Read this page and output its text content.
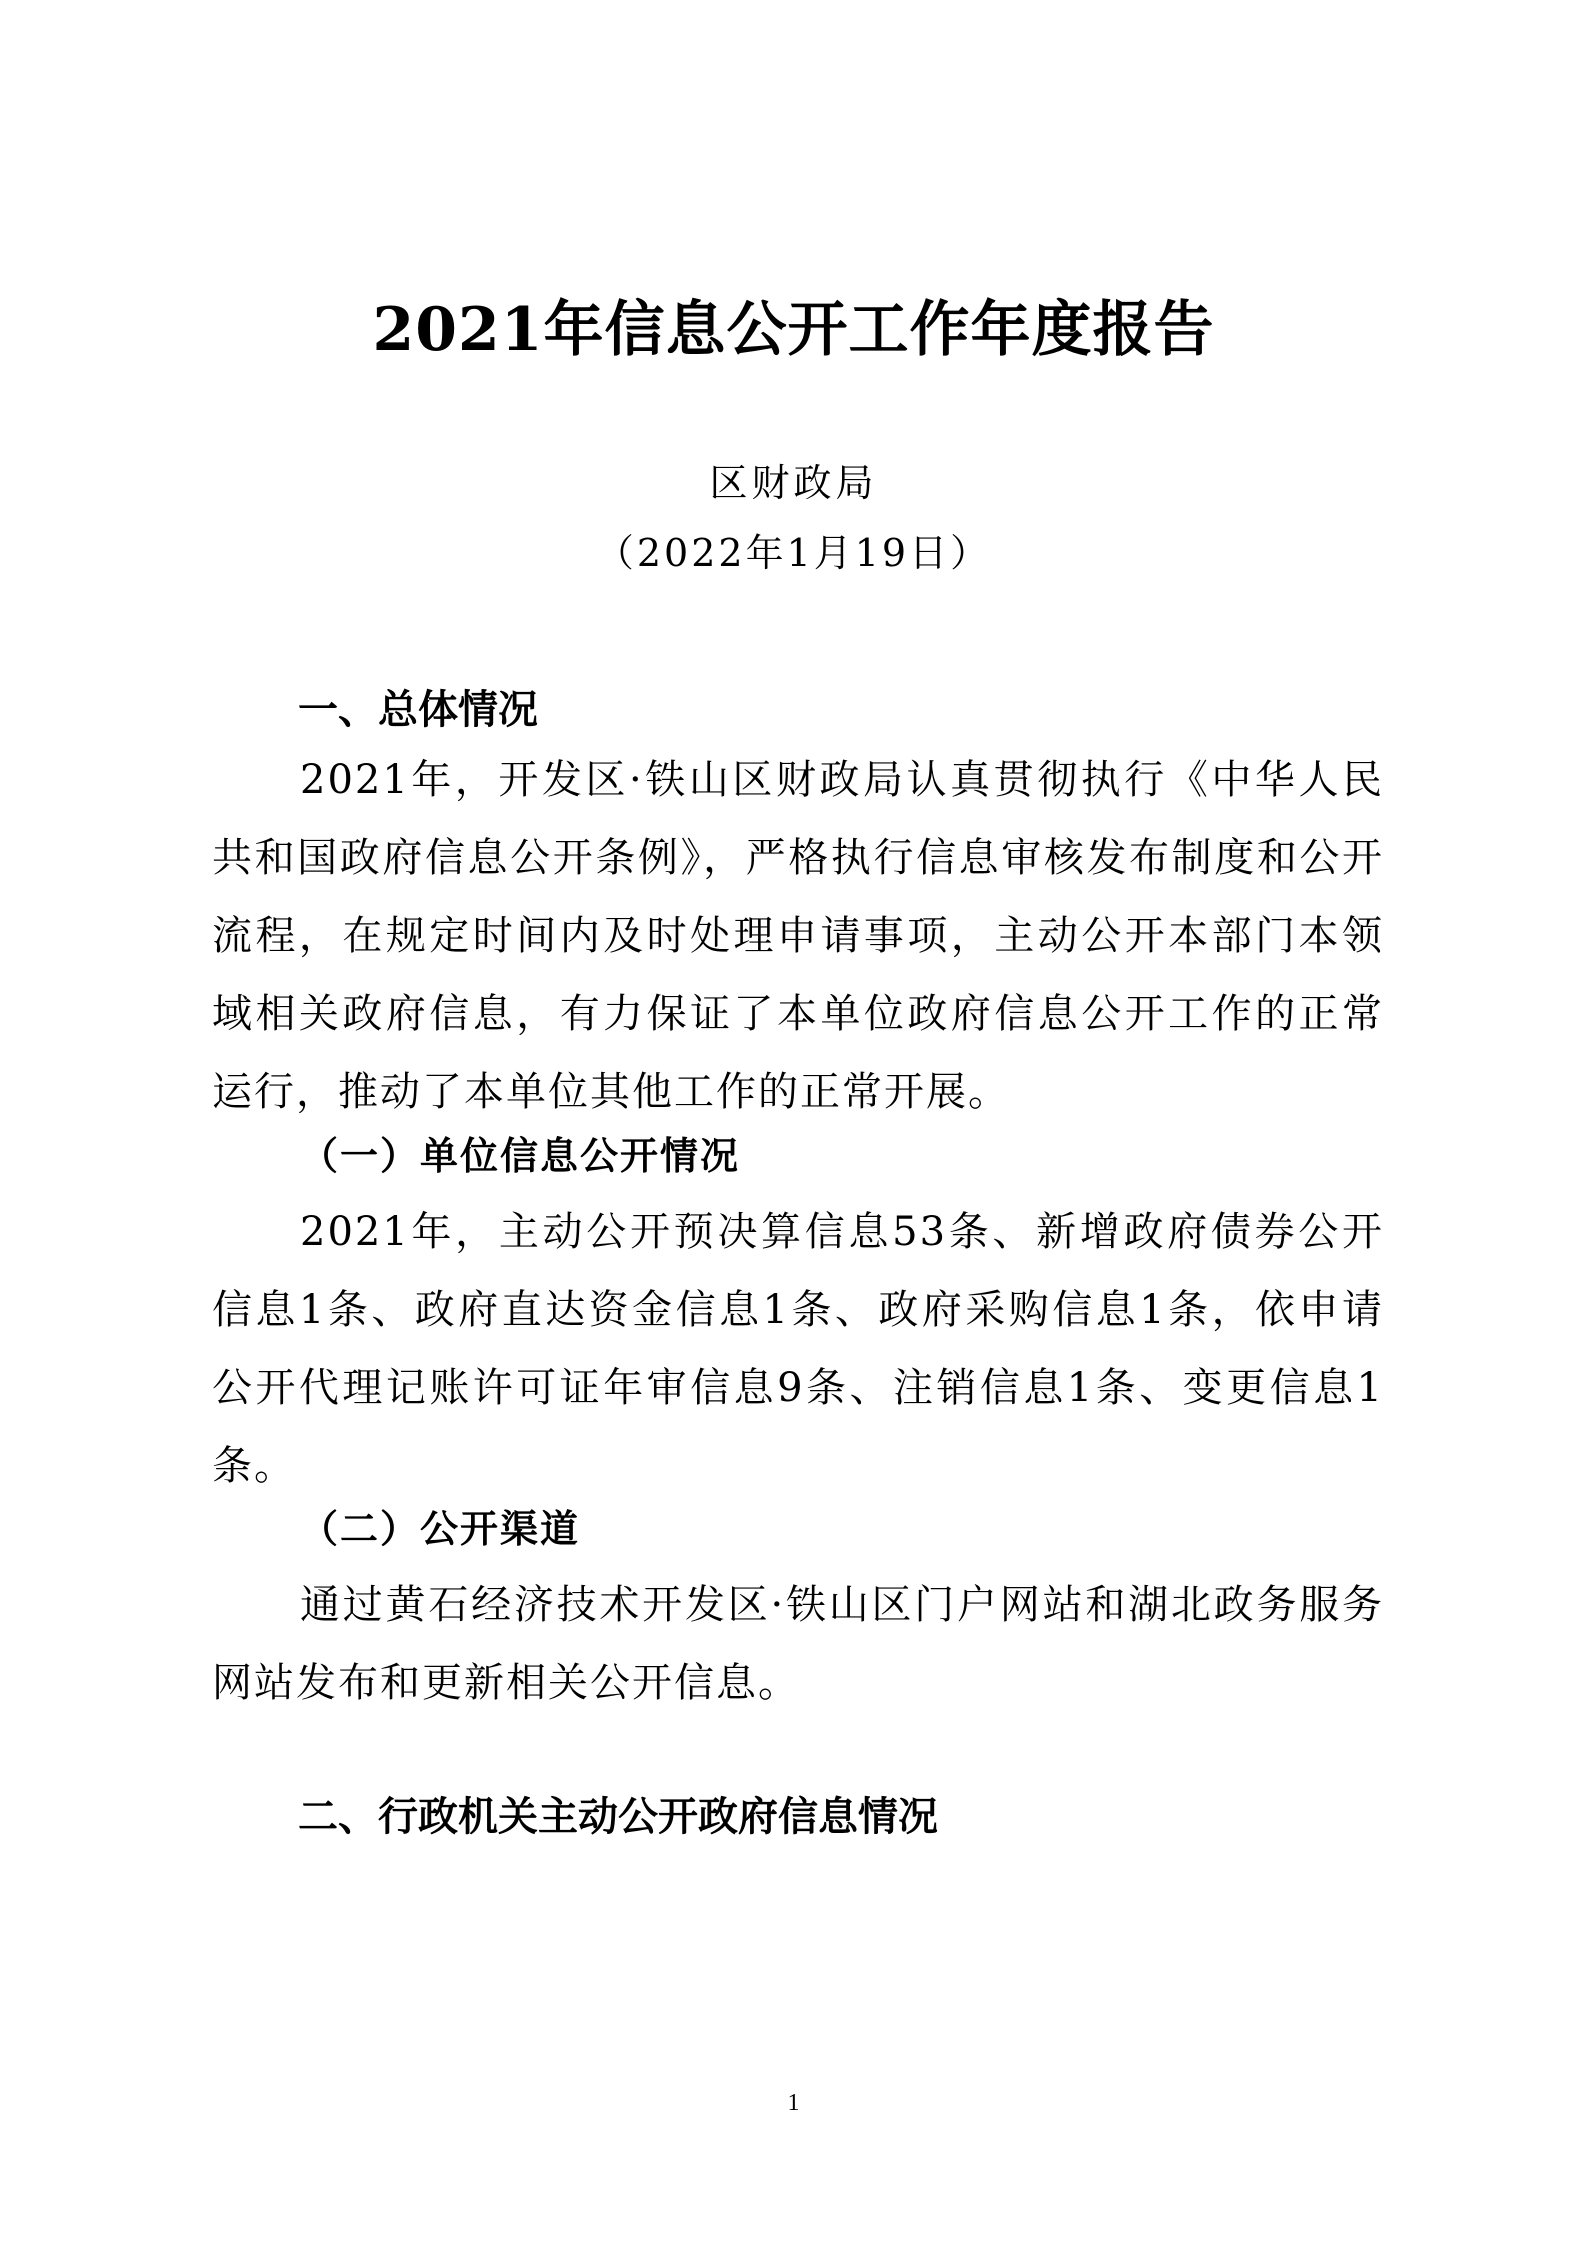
2021年信息公开工作年度报告
区财政局
（2022年1月19日）
一、总体情况

2021年，开发区·铁山区财政局认真贯彻执行《中华人民共和国政府信息公开条例》，严格执行信息审核发布制度和公开流程，在规定时间内及时处理申请事项，主动公开本部门本领域相关政府信息，有力保证了本单位政府信息公开工作的正常运行，推动了本单位其他工作的正常开展。

（一）单位信息公开情况

2021年，主动公开预决算信息53条、新增政府债券公开信息1条、政府直达资金信息1条、政府采购信息1条，依申请公开代理记账许可证年审信息9条、注销信息1条、变更信息1条。

（二）公开渠道

通过黄石经济技术开发区·铁山区门户网站和湖北政务服务网站发布和更新相关公开信息。

二、行政机关主动公开政府信息情况
1
